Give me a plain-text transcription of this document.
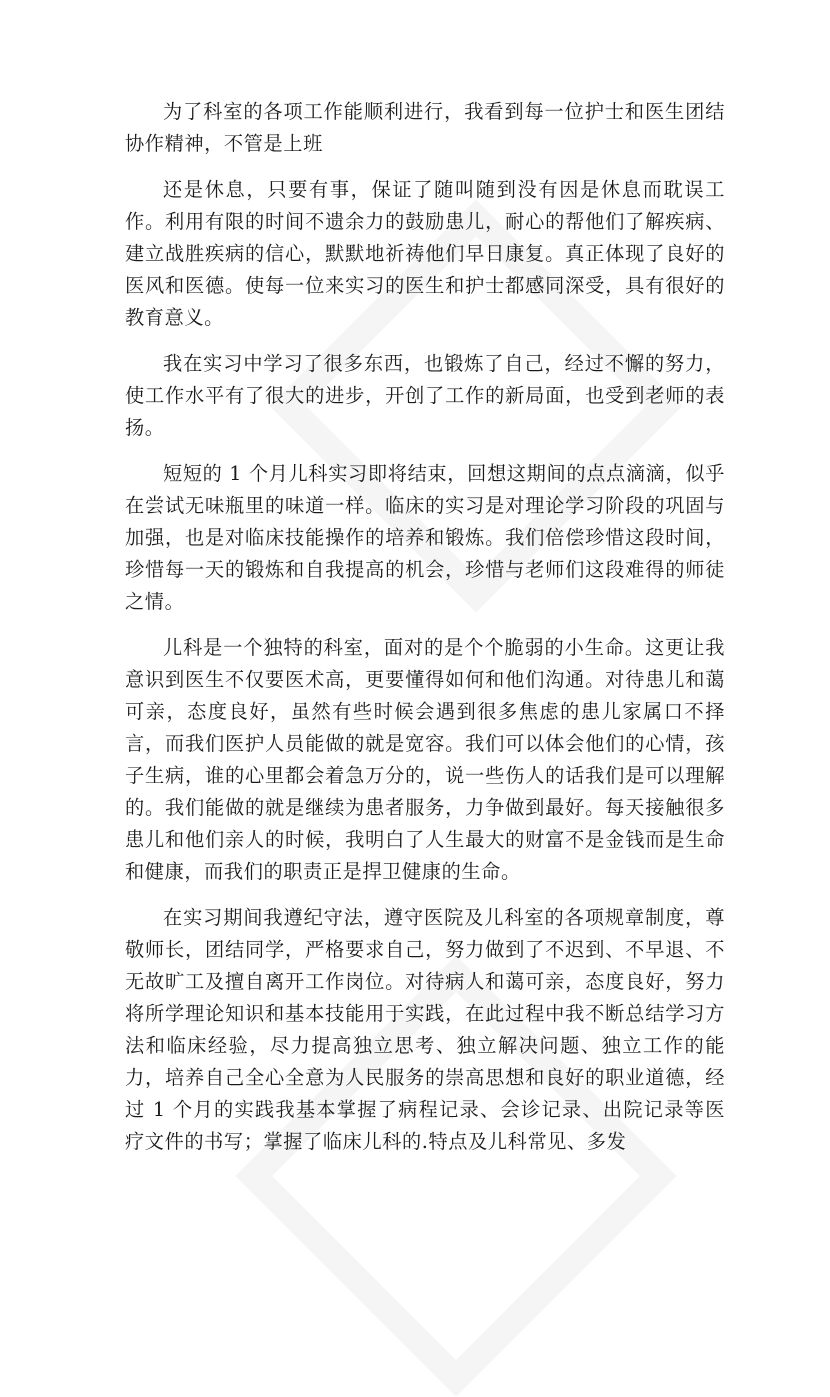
为了科室的各项工作能顺利进行，我看到每一位护士和医生团结协作精神，不管是上班

还是休息，只要有事，保证了随叫随到没有因是休息而耽误工作。利用有限的时间不遗余力的鼓励患儿，耐心的帮他们了解疾病、建立战胜疾病的信心，默默地祈祷他们早日康复。真正体现了良好的医风和医德。使每一位来实习的医生和护士都感同深受，具有很好的教育意义。

我在实习中学习了很多东西，也锻炼了自己，经过不懈的努力，使工作水平有了很大的进步，开创了工作的新局面，也受到老师的表扬。

短短的 1 个月儿科实习即将结束，回想这期间的点点滴滴，似乎在尝试无味瓶里的味道一样。临床的实习是对理论学习阶段的巩固与加强，也是对临床技能操作的培养和锻炼。我们倍偿珍惜这段时间，珍惜每一天的锻炼和自我提高的机会，珍惜与老师们这段难得的师徒之情。

儿科是一个独特的科室，面对的是个个脆弱的小生命。这更让我意识到医生不仅要医术高，更要懂得如何和他们沟通。对待患儿和蔼可亲，态度良好，虽然有些时候会遇到很多焦虑的患儿家属口不择言，而我们医护人员能做的就是宽容。我们可以体会他们的心情，孩子生病，谁的心里都会着急万分的，说一些伤人的话我们是可以理解的。我们能做的就是继续为患者服务，力争做到最好。每天接触很多患儿和他们亲人的时候，我明白了人生最大的财富不是金钱而是生命和健康，而我们的职责正是捍卫健康的生命。

在实习期间我遵纪守法，遵守医院及儿科室的各项规章制度，尊敬师长，团结同学，严格要求自己，努力做到了不迟到、不早退、不无故旷工及擅自离开工作岗位。对待病人和蔼可亲，态度良好，努力将所学理论知识和基本技能用于实践，在此过程中我不断总结学习方法和临床经验，尽力提高独立思考、独立解决问题、独立工作的能力，培养自己全心全意为人民服务的崇高思想和良好的职业道德，经过 1 个月的实践我基本掌握了病程记录、会诊记录、出院记录等医疗文件的书写；掌握了临床儿科的.特点及儿科常见、多发
